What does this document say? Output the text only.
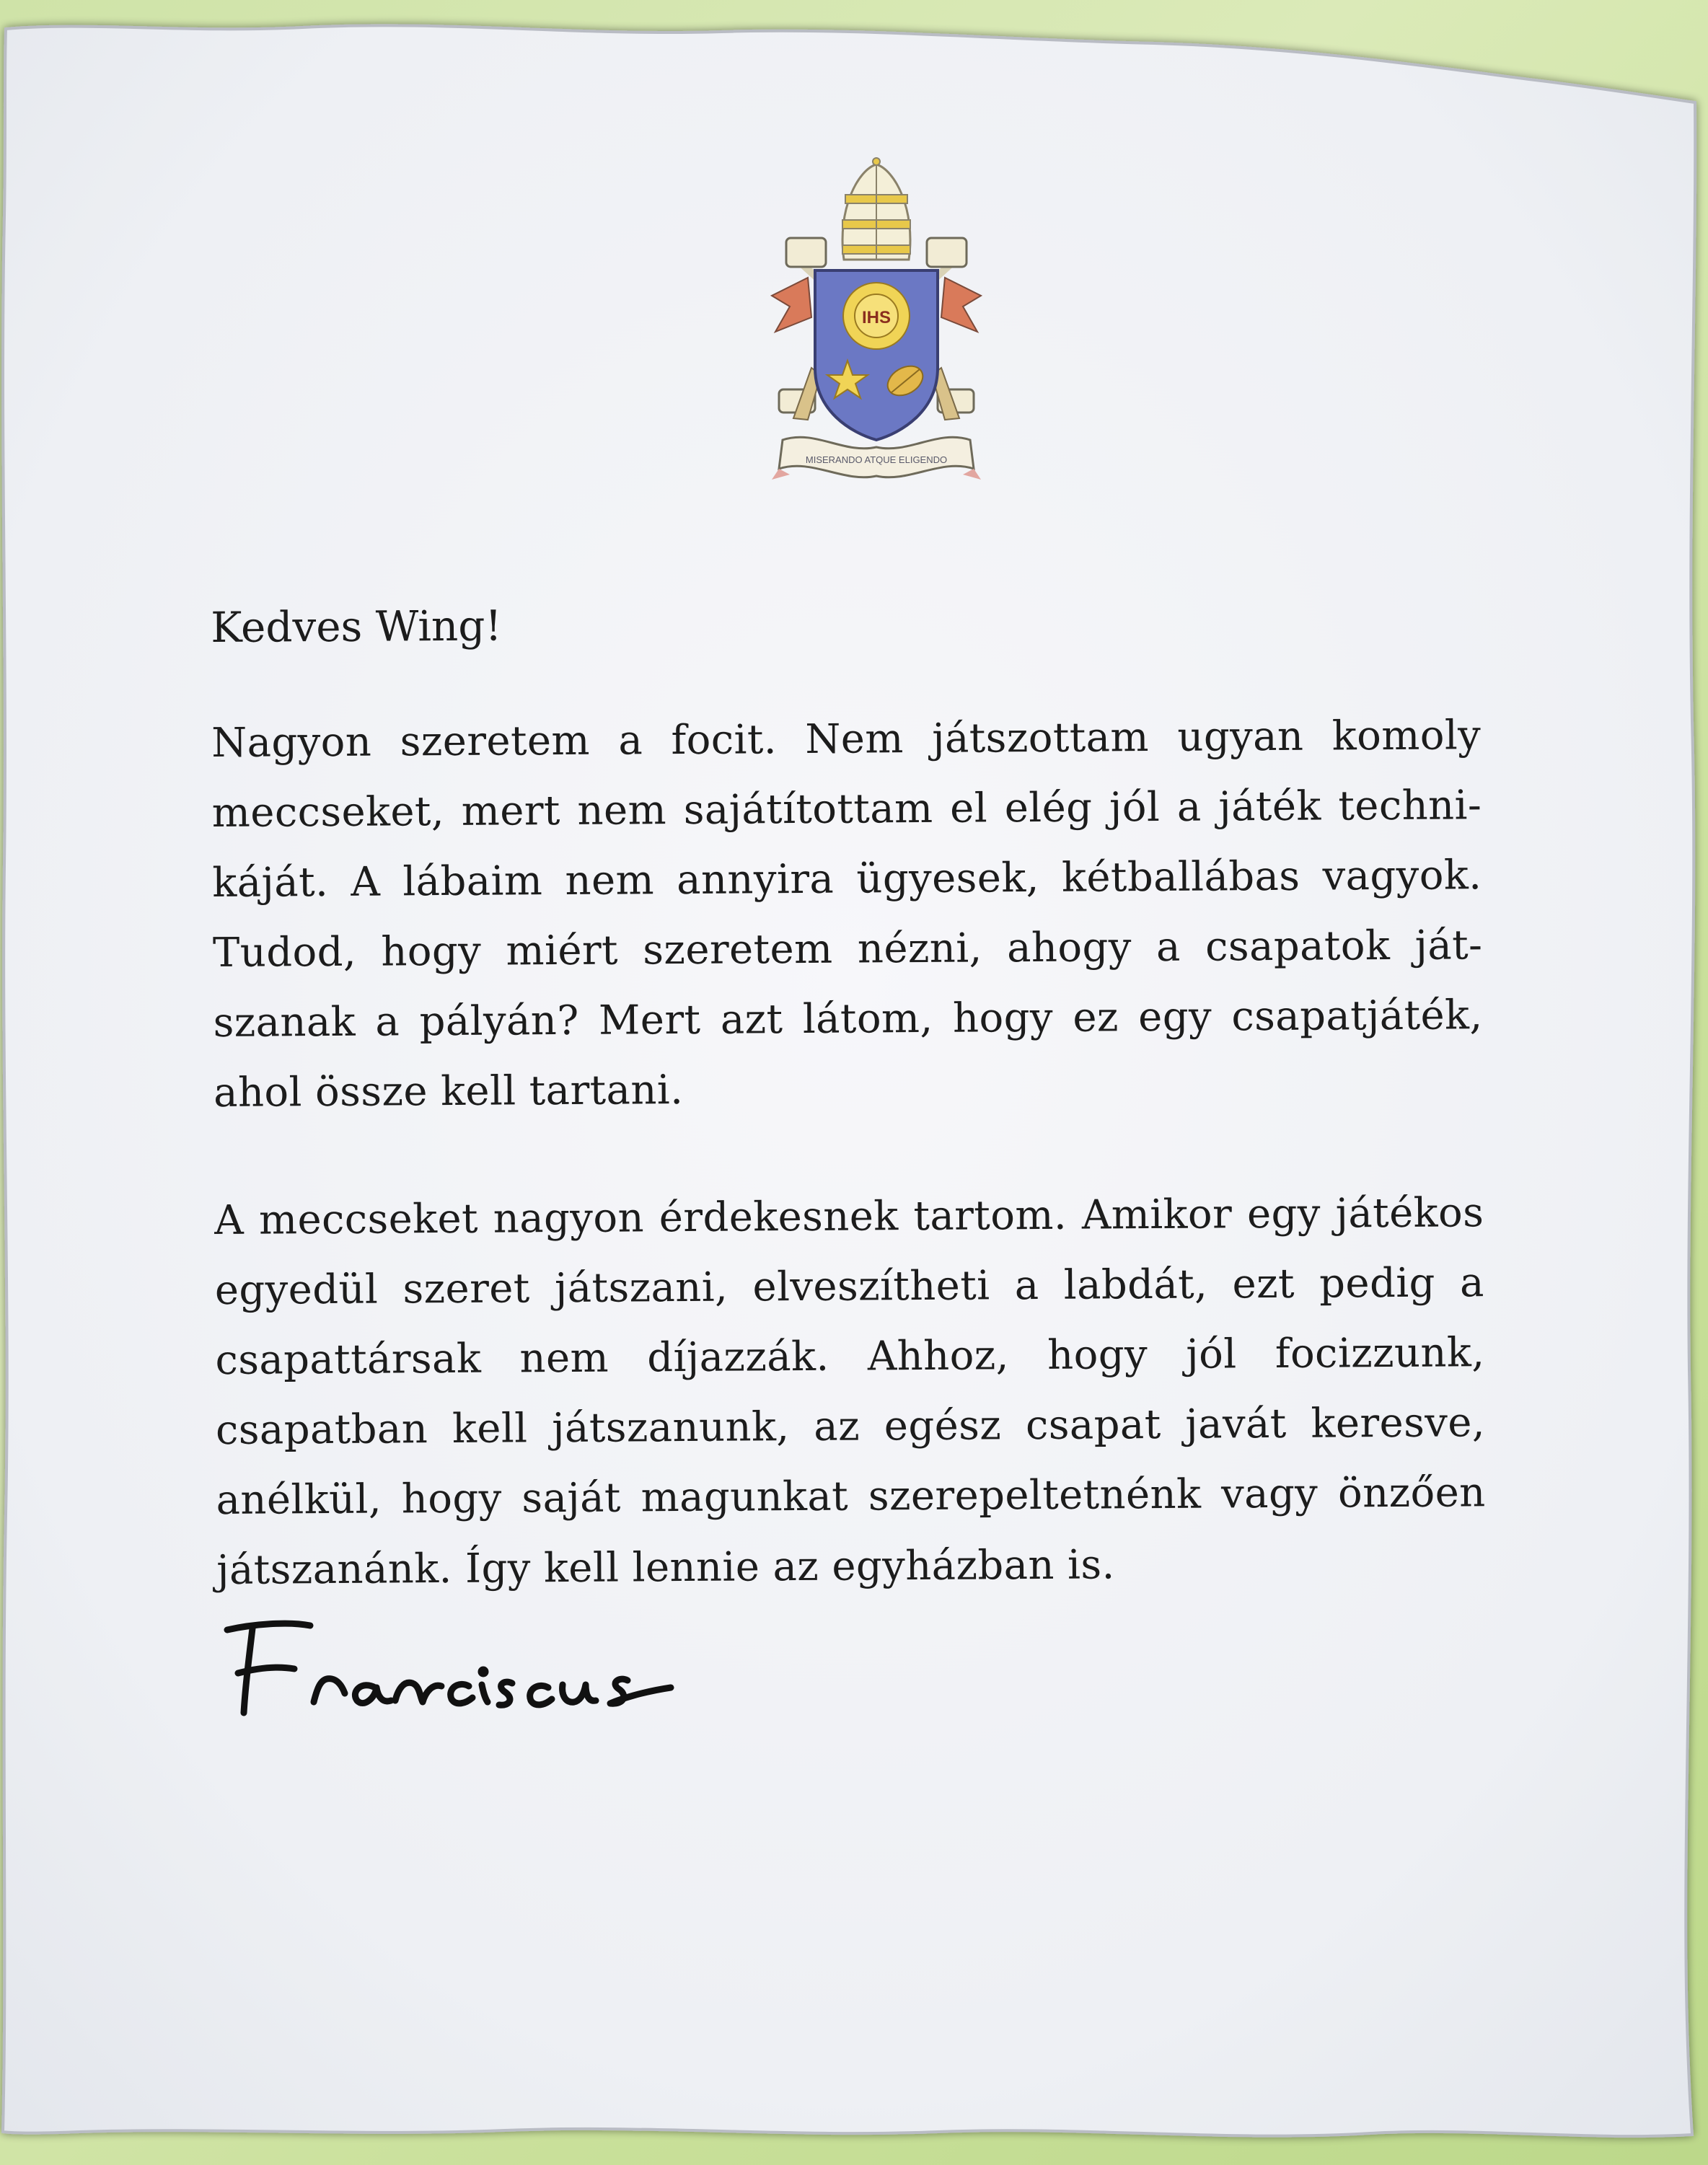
IHS
MISERANDO ATQUE ELIGENDO

Kedves Wing!

Nagyon szeretem a focit. Nem játszottam ugyan komoly meccseket, mert nem sajátítottam el elég jól a játék technikáját. A lábaim nem annyira ügyesek, kétballábas vagyok. Tudod, hogy miért szeretem nézni, ahogy a csapatok játszanak a pályán? Mert azt látom, hogy ez egy csapatjáték, ahol össze kell tartani.

A meccseket nagyon érdekesnek tartom. Amikor egy játékos egyedül szeret játszani, elveszítheti a labdát, ezt pedig a csapattársak nem díjazzák. Ahhoz, hogy jól focizzunk, csapatban kell játszanunk, az egész csapat javát keresve, anélkül, hogy saját magunkat szerepeltetnénk vagy önzően játszanánk. Így kell lennie az egyházban is.
